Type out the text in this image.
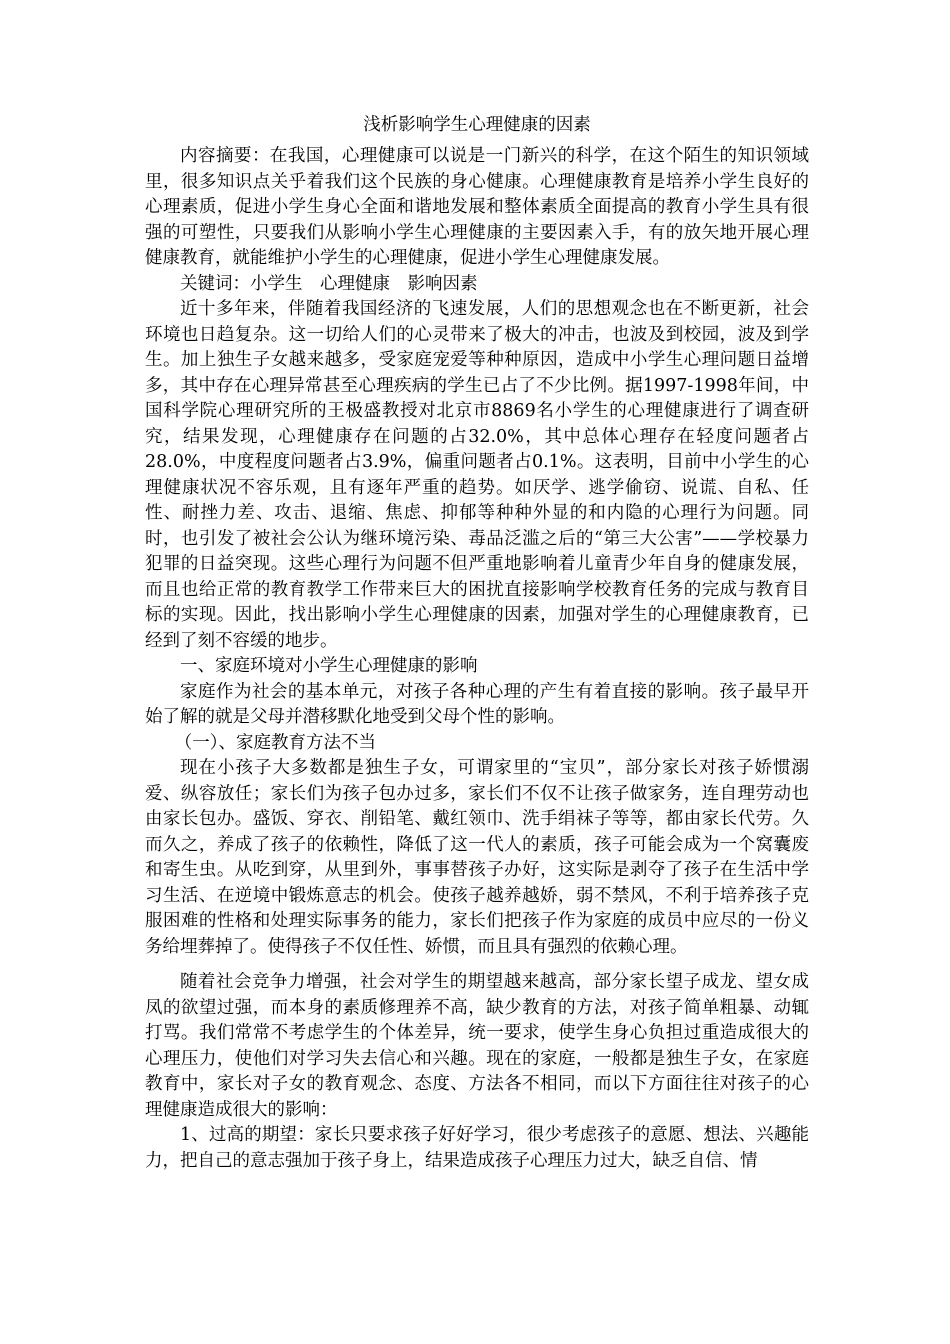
浅析影响学生心理健康的因素

内容摘要：在我国，心理健康可以说是一门新兴的科学，在这个陌生的知识领域里，很多知识点关乎着我们这个民族的身心健康。心理健康教育是培养小学生良好的心理素质，促进小学生身心全面和谐地发展和整体素质全面提高的教育小学生具有很强的可塑性，只要我们从影响小学生心理健康的主要因素入手，有的放矢地开展心理健康教育，就能维护小学生的心理健康，促进小学生心理健康发展。

关键词：小学生　心理健康　影响因素

近十多年来，伴随着我国经济的飞速发展，人们的思想观念也在不断更新，社会环境也日趋复杂。这一切给人们的心灵带来了极大的冲击，也波及到校园，波及到学生。加上独生子女越来越多，受家庭宠爱等种种原因，造成中小学生心理问题日益增多，其中存在心理异常甚至心理疾病的学生已占了不少比例。据1997-1998年间，中国科学院心理研究所的王极盛教授对北京市8869名小学生的心理健康进行了调查研究，结果发现，心理健康存在问题的占32.0%，其中总体心理存在轻度问题者占28.0%，中度程度问题者占3.9%，偏重问题者占0.1%。这表明，目前中小学生的心理健康状况不容乐观，且有逐年严重的趋势。如厌学、逃学偷窃、说谎、自私、任性、耐挫力差、攻击、退缩、焦虑、抑郁等种种外显的和内隐的心理行为问题。同时，也引发了被社会公认为继环境污染、毒品泛滥之后的“第三大公害”——学校暴力犯罪的日益突现。这些心理行为问题不但严重地影响着儿童青少年自身的健康发展，而且也给正常的教育教学工作带来巨大的困扰直接影响学校教育任务的完成与教育目标的实现。因此，找出影响小学生心理健康的因素，加强对学生的心理健康教育，已经到了刻不容缓的地步。

一、家庭环境对小学生心理健康的影响

家庭作为社会的基本单元，对孩子各种心理的产生有着直接的影响。孩子最早开始了解的就是父母并潜移默化地受到父母个性的影响。

（一）、家庭教育方法不当

现在小孩子大多数都是独生子女，可谓家里的“宝贝”，部分家长对孩子娇惯溺爱、纵容放任；家长们为孩子包办过多，家长们不仅不让孩子做家务，连自理劳动也由家长包办。盛饭、穿衣、削铅笔、戴红领巾、洗手绢袜子等等，都由家长代劳。久而久之，养成了孩子的依赖性，降低了这一代人的素质，孩子可能会成为一个窝囊废和寄生虫。从吃到穿，从里到外，事事替孩子办好，这实际是剥夺了孩子在生活中学习生活、在逆境中锻炼意志的机会。使孩子越养越娇，弱不禁风，不利于培养孩子克服困难的性格和处理实际事务的能力，家长们把孩子作为家庭的成员中应尽的一份义务给埋葬掉了。使得孩子不仅任性、娇惯，而且具有强烈的依赖心理。

随着社会竞争力增强，社会对学生的期望越来越高，部分家长望子成龙、望女成凤的欲望过强，而本身的素质修理养不高，缺少教育的方法，对孩子简单粗暴、动辄打骂。我们常常不考虑学生的个体差异，统一要求，使学生身心负担过重造成很大的心理压力，使他们对学习失去信心和兴趣。现在的家庭，一般都是独生子女，在家庭教育中，家长对子女的教育观念、态度、方法各不相同，而以下方面往往对孩子的心理健康造成很大的影响：

1、过高的期望：家长只要求孩子好好学习，很少考虑孩子的意愿、想法、兴趣能力，把自己的意志强加于孩子身上，结果造成孩子心理压力过大，缺乏自信、情
